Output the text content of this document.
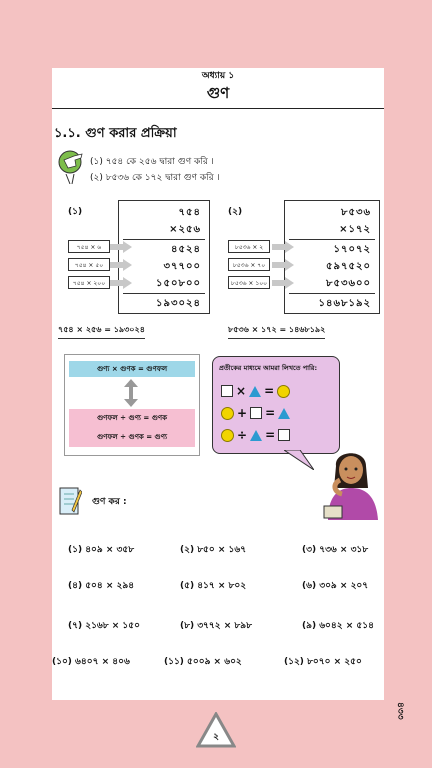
অধ্যায় ১
গুণ
১.১. গুণ করার প্রক্রিয়া
(১) ৭৫৪ কে ২৫৬ দ্বারা গুণ করি ।
(২) ৮৫৩৬ কে ১৭২ দ্বারা গুণ করি ।
(১)	৭৫৪
×২৫৬
৪৫২৪
৩৭৭০০
১৫০৮০০
১৯৩০২৪
৭৫৪ × ৬
৭৫৪ × ৫০
৭৫৪ × ২০০
৭৫৪ × ২৫৬ = ১৯৩০২৪
(২)	৮৫৩৬
×১৭২
১৭০৭২
৫৯৭৫২০
৮৫৩৬০০
১৪৬৮১৯২
৮৫৩৬ × ২
৮৫৩৬ × ৭০
৮৫৩৬ × ১০০
৮৫৩৬ × ১৭২ = ১৪৬৮১৯২
গুণ্য × গুণক = গুণফল
গুণফল ÷ গুণ্য = গুণক
গুণফল ÷ গুণক = গুণ্য
প্রতীকের মাধ্যমে আমরা লিখতে পারি:
× =
+ =
÷ =
গুণ কর :
(১) ৪০৯ × ৩৫৮	(২) ৮৫০ × ১৬৭	(৩) ৭৩৬ × ৩১৮
(৪) ৫০৪ × ২৯৪	(৫) ৪১৭ × ৮০২	(৬) ৩০৯ × ২০৭
(৭) ২১৬৮ × ১৫০	(৮) ৩৭৭২ × ৮৯৮	(৯) ৬০৪২ × ৫১৪
(১০) ৬৪০৭ × ৪০৬	(১১) ৫০০৯ × ৬০২	(১২) ৮০৭০ × ২৫০
২
৪৩৩
